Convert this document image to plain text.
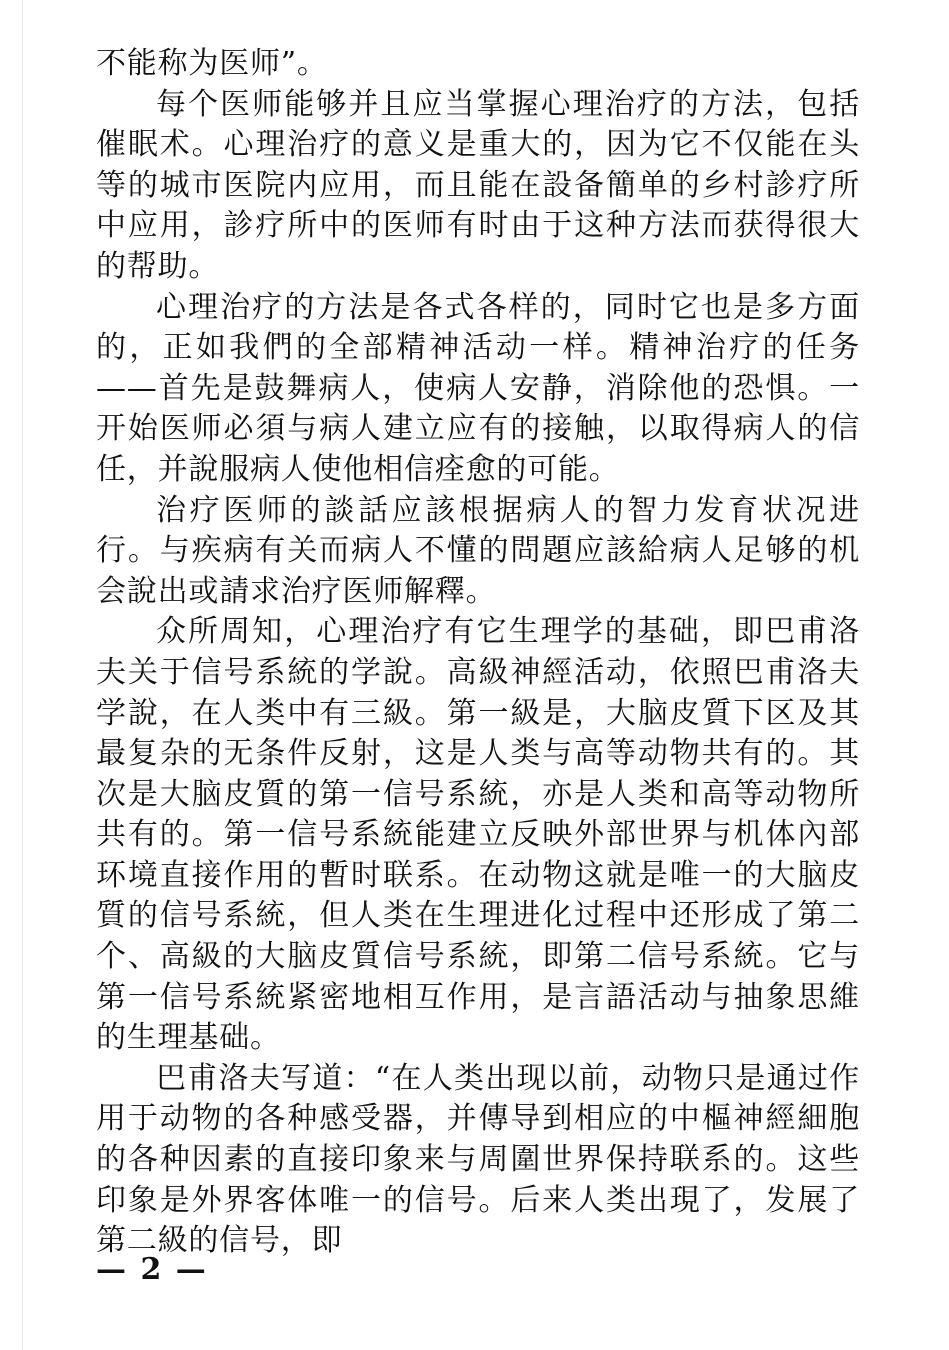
不能称为医师”。

每个医师能够并且应当掌握心理治疗的方法，包括催眠术。心理治疗的意义是重大的，因为它不仅能在头等的城市医院内应用，而且能在設备簡单的乡村診疗所中应用，診疗所中的医师有时由于这种方法而获得很大的帮助。

心理治疗的方法是各式各样的，同时它也是多方面的，正如我們的全部精神活动一样。精神治疗的任务——首先是鼓舞病人，使病人安静，消除他的恐惧。一开始医师必須与病人建立应有的接触，以取得病人的信任，并說服病人使他相信痊愈的可能。

治疗医师的談話应該根据病人的智力发育状况进行。与疾病有关而病人不懂的問題应該給病人足够的机会說出或請求治疗医师解釋。

众所周知，心理治疗有它生理学的基础，即巴甫洛夫关于信号系統的学說。高級神經活动，依照巴甫洛夫学說，在人类中有三級。第一級是，大脑皮質下区及其最复杂的无条件反射，这是人类与高等动物共有的。其次是大脑皮質的第一信号系統，亦是人类和高等动物所共有的。第一信号系統能建立反映外部世界与机体內部环境直接作用的暫时联系。在动物这就是唯一的大脑皮質的信号系統，但人类在生理进化过程中还形成了第二个、高級的大脑皮質信号系統，即第二信号系統。它与第一信号系統紧密地相互作用，是言語活动与抽象思維的生理基础。

巴甫洛夫写道：“在人类出现以前，动物只是通过作用于动物的各种感受器，并傳导到相应的中樞神經細胞的各种因素的直接印象来与周圍世界保持联系的。这些印象是外界客体唯一的信号。后来人类出現了，发展了第二級的信号，即

— 2 —
